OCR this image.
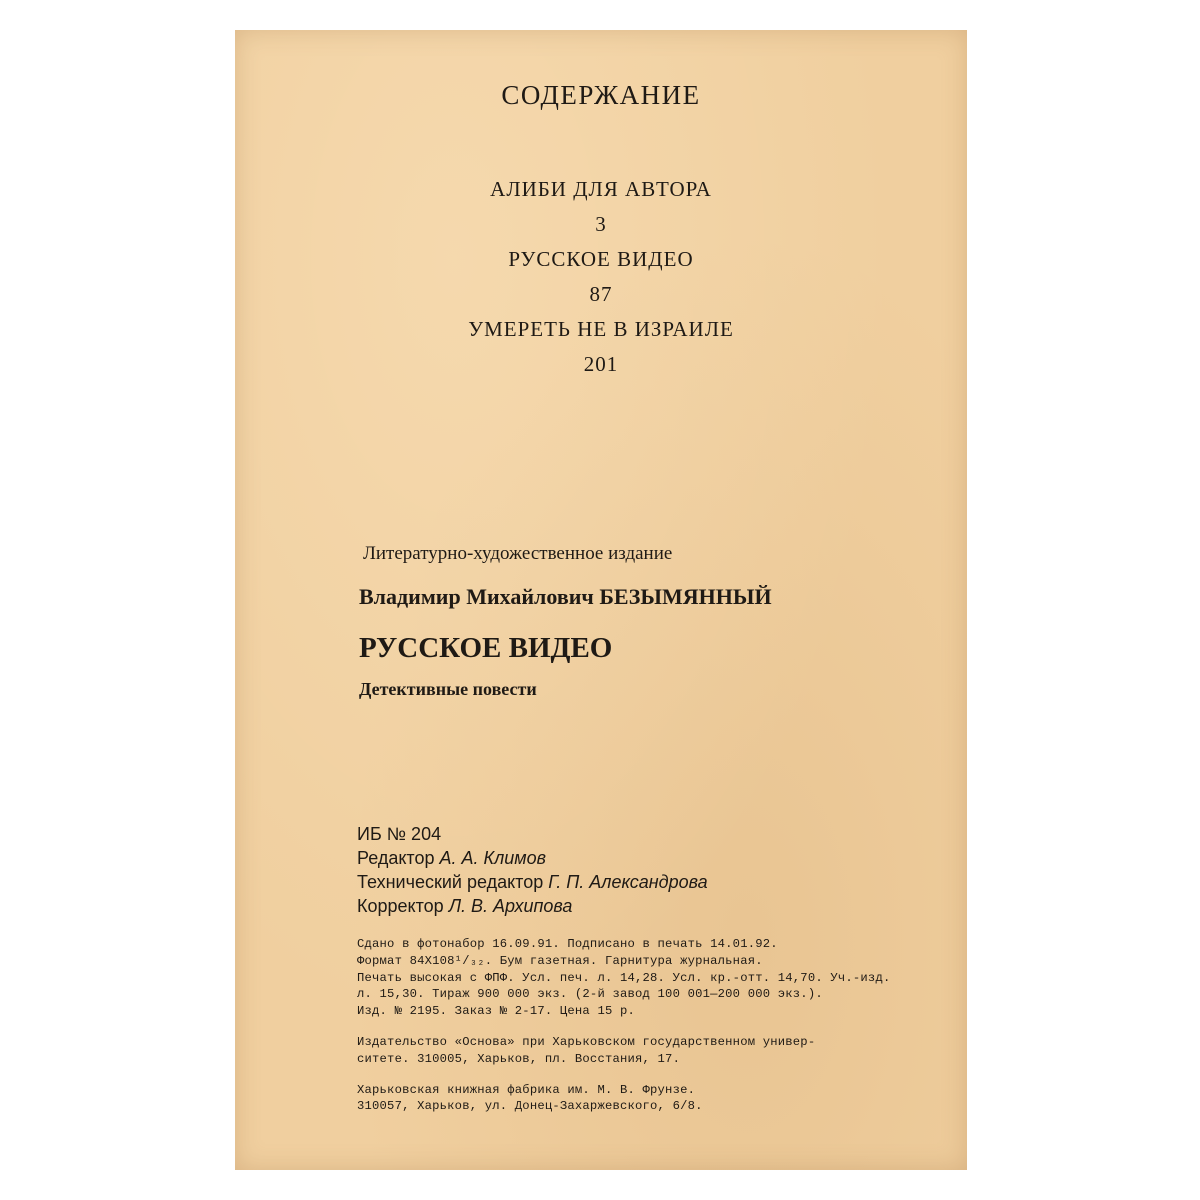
СОДЕРЖАНИЕ
АЛИБИ ДЛЯ АВТОРА
3
РУССКОЕ ВИДЕО
87
УМЕРЕТЬ НЕ В ИЗРАИЛЕ
201

Литературно-художественное издание

Владимир Михайлович БЕЗЫМЯННЫЙ

РУССКОЕ ВИДЕО

Детективные повести

ИБ № 204
Редактор А. А. Климов
Технический редактор Г. П. Александрова
Корректор Л. В. Архипова

Сдано в фотонабор 16.09.91. Подписано в печать 14.01.92.

Формат 84Х108¹/₃₂. Бум газетная. Гарнитура журнальная.

Печать высокая с ФПФ. Усл. печ. л. 14,28. Усл. кр.-отт. 14,70. Уч.-изд.

л. 15,30. Тираж 900 000 экз. (2-й завод 100 001—200 000 экз.).

Изд. № 2195. Заказ № 2-17. Цена 15 р.

Издательство «Основа» при Харьковском государственном универ-

ситете. 310005, Харьков, пл. Восстания, 17.

Харьковская книжная фабрика им. М. В. Фрунзе.

310057, Харьков, ул. Донец-Захаржевского, 6/8.
